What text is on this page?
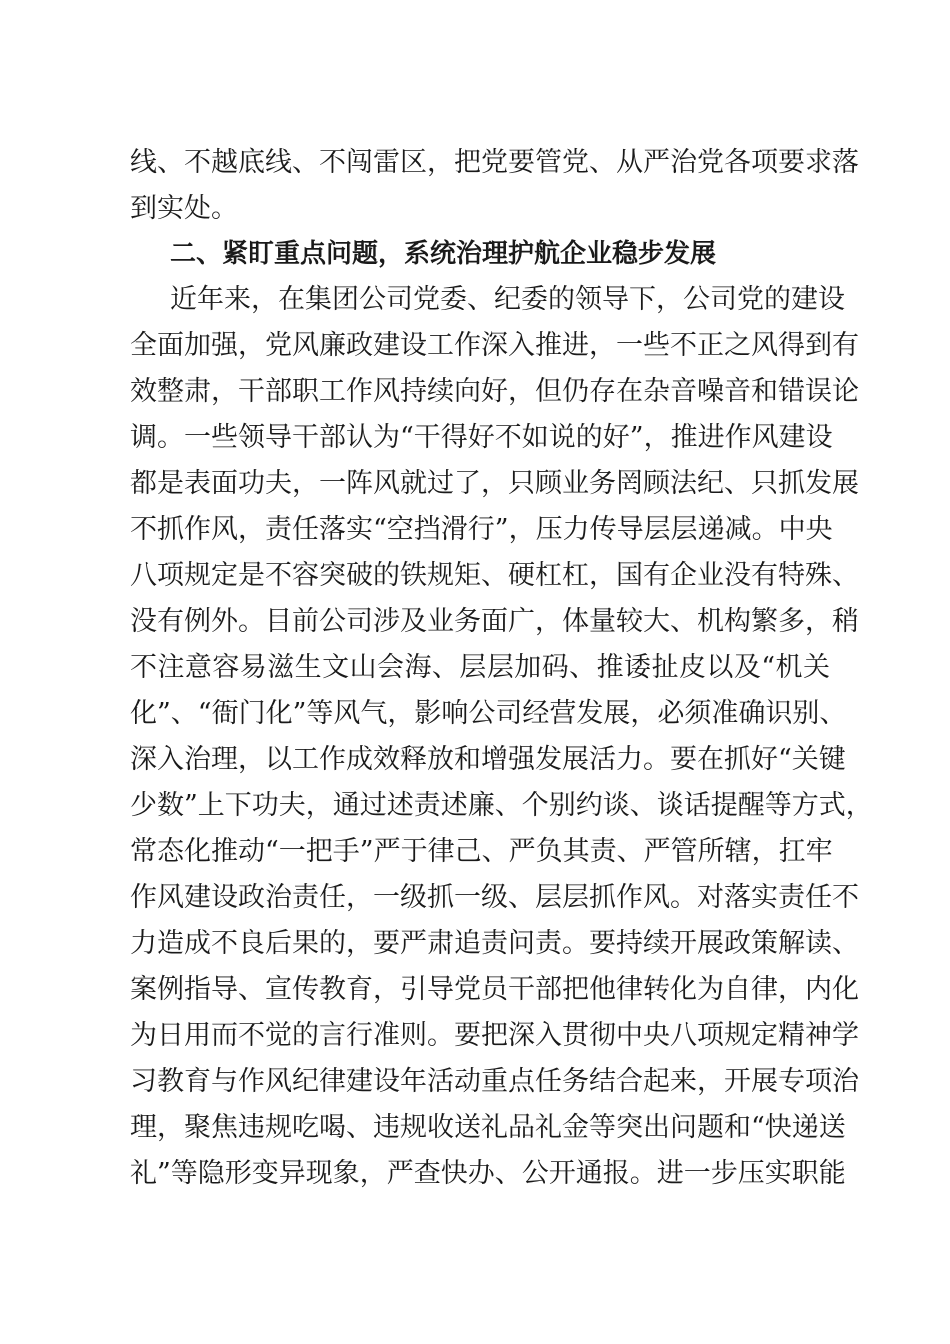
线、不越底线、不闯雷区，把党要管党、从严治党各项要求落
到实处。
二、紧盯重点问题，系统治理护航企业稳步发展
近年来，在集团公司党委、纪委的领导下，公司党的建设
全面加强，党风廉政建设工作深入推进，一些不正之风得到有
效整肃，干部职工作风持续向好，但仍存在杂音噪音和错误论
调。一些领导干部认为“干得好不如说的好”，推进作风建设
都是表面功夫，一阵风就过了，只顾业务罔顾法纪、只抓发展
不抓作风，责任落实“空挡滑行”，压力传导层层递减。中央
八项规定是不容突破的铁规矩、硬杠杠，国有企业没有特殊、
没有例外。目前公司涉及业务面广，体量较大、机构繁多，稍
不注意容易滋生文山会海、层层加码、推诿扯皮以及“机关
化”、“衙门化”等风气，影响公司经营发展，必须准确识别、
深入治理，以工作成效释放和增强发展活力。要在抓好“关键
少数”上下功夫，通过述责述廉、个别约谈、谈话提醒等方式，
常态化推动“一把手”严于律己、严负其责、严管所辖，扛牢
作风建设政治责任，一级抓一级、层层抓作风。对落实责任不
力造成不良后果的，要严肃追责问责。要持续开展政策解读、
案例指导、宣传教育，引导党员干部把他律转化为自律，内化
为日用而不觉的言行准则。要把深入贯彻中央八项规定精神学
习教育与作风纪律建设年活动重点任务结合起来，开展专项治
理，聚焦违规吃喝、违规收送礼品礼金等突出问题和“快递送
礼”等隐形变异现象，严查快办、公开通报。进一步压实职能
